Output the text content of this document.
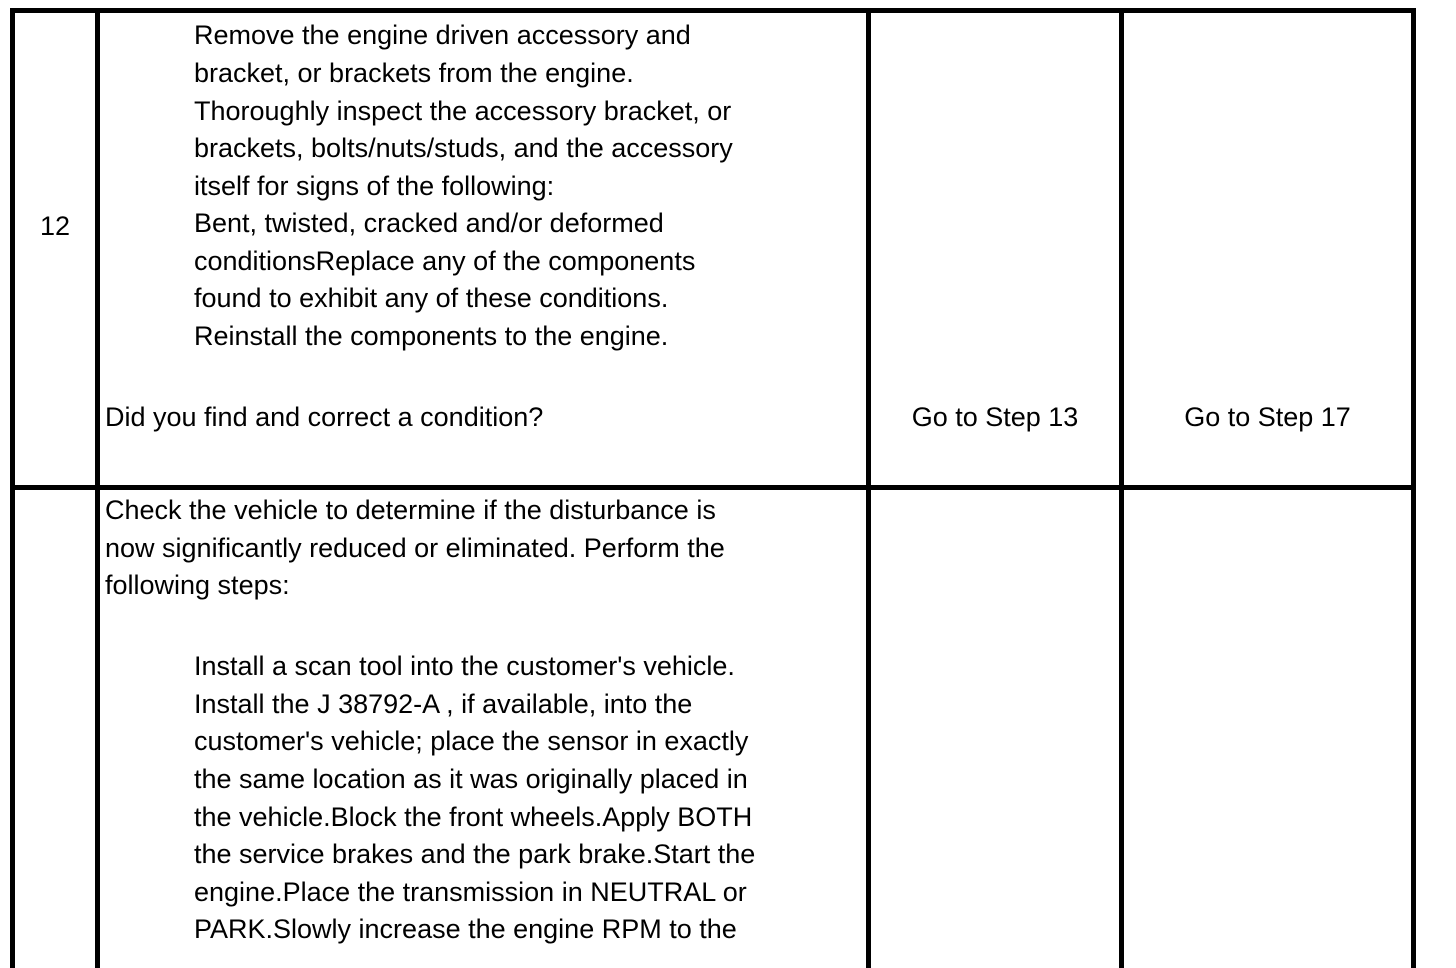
12
Remove the engine driven accessory and
bracket, or brackets from the engine.
Thoroughly inspect the accessory bracket, or
brackets, bolts/nuts/studs, and the accessory
itself for signs of the following:
Bent, twisted, cracked and/or deformed
conditionsReplace any of the components
found to exhibit any of these conditions.
Reinstall the components to the engine.
Did you find and correct a condition?	Go to Step 13	Go to Step 17
Check the vehicle to determine if the disturbance is
now significantly reduced or eliminated. Perform the
following steps:
Install a scan tool into the customer's vehicle.
Install the J 38792-A , if available, into the
customer's vehicle; place the sensor in exactly
the same location as it was originally placed in
the vehicle.Block the front wheels.Apply BOTH
the service brakes and the park brake.Start the
engine.Place the transmission in NEUTRAL or
PARK.Slowly increase the engine RPM to the
